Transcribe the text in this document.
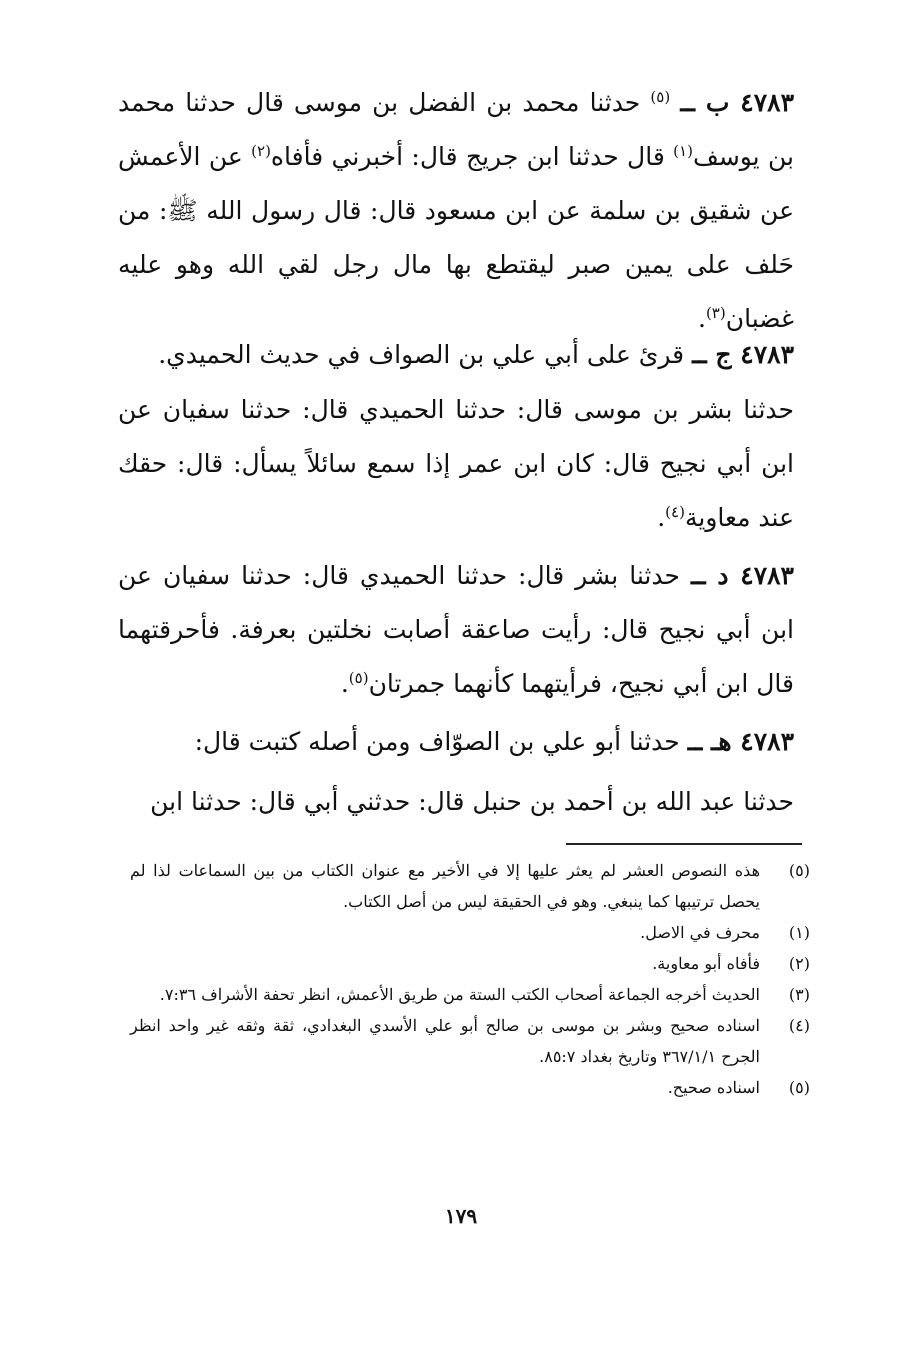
٤٧٨٣ ب ــ $^{(٥)}$ حدثنا محمد بن الفضل بن موسى قال حدثنا محمد بن يوسف$^{(١)}$ قال حدثنا ابن جريج قال: أخبرني فأفاه$^{(٢)}$ عن الأعمش عن شقيق بن سلمة عن ابن مسعود قال: قال رسول الله ﷺ: من حَلف على يمين صبر ليقتطع بها مال رجل لقي الله وهو عليه غضبان$^{(٣)}$.

٤٧٨٣ ج ــ قرئ على أبي علي بن الصواف في حديث الحميدي.

حدثنا بشر بن موسى قال: حدثنا الحميدي قال: حدثنا سفيان عن ابن أبي نجيح قال: كان ابن عمر إذا سمع سائلاً يسأل: قال: حقك عند معاوية$^{(٤)}$.

٤٧٨٣ د ــ حدثنا بشر قال: حدثنا الحميدي قال: حدثنا سفيان عن ابن أبي نجيح قال: رأيت صاعقة أصابت نخلتين بعرفة. فأحرقتهما قال ابن أبي نجيح، فرأيتهما كأنهما جمرتان$^{(٥)}$.

٤٧٨٣ هـ ــ حدثنا أبو علي بن الصوّاف ومن أصله كتبت قال:

حدثنا عبد الله بن أحمد بن حنبل قال: حدثني أبي قال: حدثنا ابن

(٥)
هذه النصوص العشر لم يعثر عليها إلا في الأخير مع عنوان الكتاب من بين السماعات لذا لم يحصل ترتيبها كما ينبغي. وهو في الحقيقة ليس من أصل الكتاب.
(١)
محرف في الاصل.
(٢)
فأفاه أبو معاوية.
(٣)
الحديث أخرجه الجماعة أصحاب الكتب الستة من طريق الأعمش، انظر تحفة الأشراف ٧:٣٦.
(٤)
اسناده صحيح وبشر بن موسى بن صالح أبو علي الأسدي البغدادي، ثقة وثقه غير واحد انظر الجرح ٣٦٧/١/١ وتاريخ بغداد ٨٥:٧.
(٥)
اسناده صحيح.
١٧٩
